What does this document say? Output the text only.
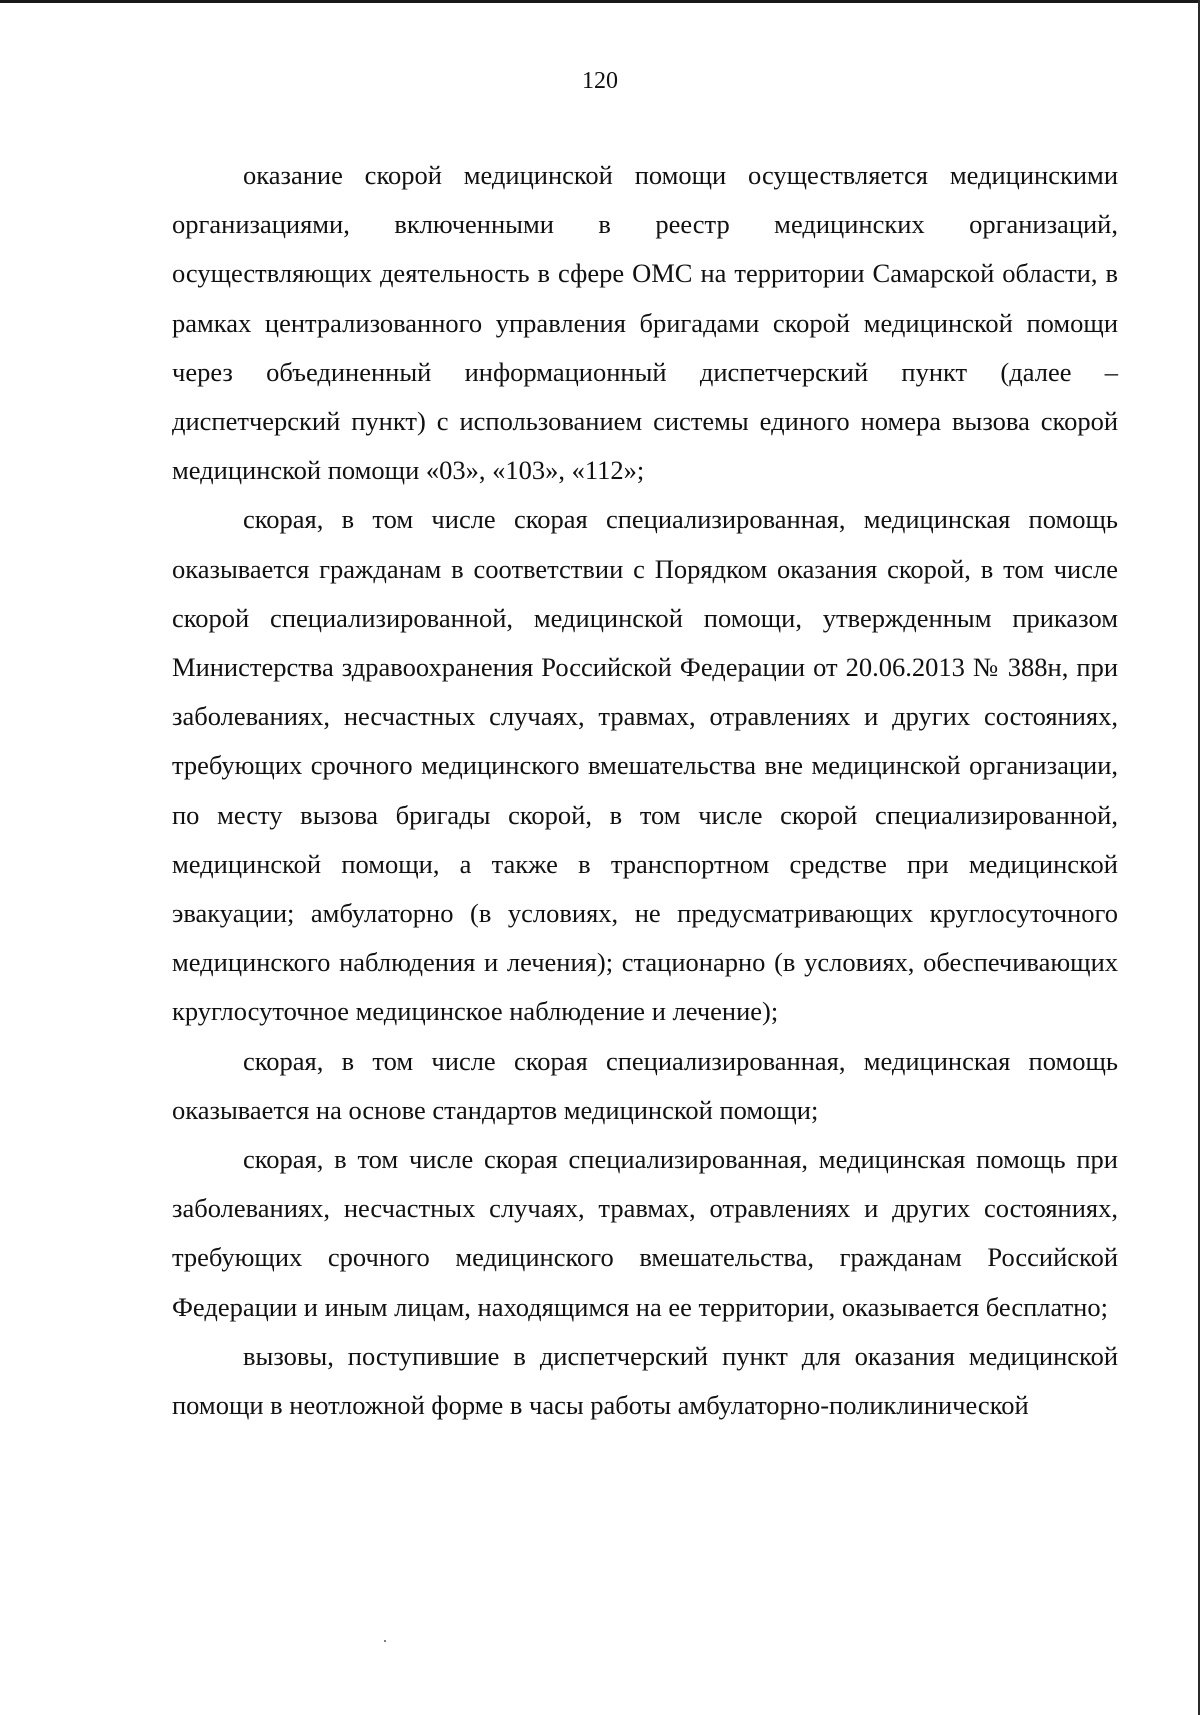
120

оказание скорой медицинской помощи осуществляется медицинскими организациями, включенными в реестр медицинских организаций, осуществляющих деятельность в сфере ОМС на территории Самарской области, в рамках централизованного управления бригадами скорой медицинской помощи через объединенный информационный диспетчерский пункт (далее – диспетчерский пункт) с использованием системы единого номера вызова скорой медицинской помощи «03», «103», «112»;

скорая, в том числе скорая специализированная, медицинская помощь оказывается гражданам в соответствии с Порядком оказания скорой, в том числе скорой специализированной, медицинской помощи, утвержденным приказом Министерства здравоохранения Российской Федерации от 20.06.2013 № 388н, при заболеваниях, несчастных случаях, травмах, отравлениях и других состояниях, требующих срочного медицинского вмешательства вне медицинской организации, по месту вызова бригады скорой, в том числе скорой специализированной, медицинской помощи, а также в транспортном средстве при медицинской эвакуации; амбулаторно (в условиях, не предусматривающих круглосуточного медицинского наблюдения и лечения); стационарно (в условиях, обеспечивающих круглосуточное медицинское наблюдение и лечение);

скорая, в том числе скорая специализированная, медицинская помощь оказывается на основе стандартов медицинской помощи;

скорая, в том числе скорая специализированная, медицинская помощь при заболеваниях, несчастных случаях, травмах, отравлениях и других состояниях, требующих срочного медицинского вмешательства, гражданам Российской Федерации и иным лицам, находящимся на ее территории, оказывается бесплатно;

вызовы, поступившие в диспетчерский пункт для оказания медицинской помощи в неотложной форме в часы работы амбулаторно-поликлинической
